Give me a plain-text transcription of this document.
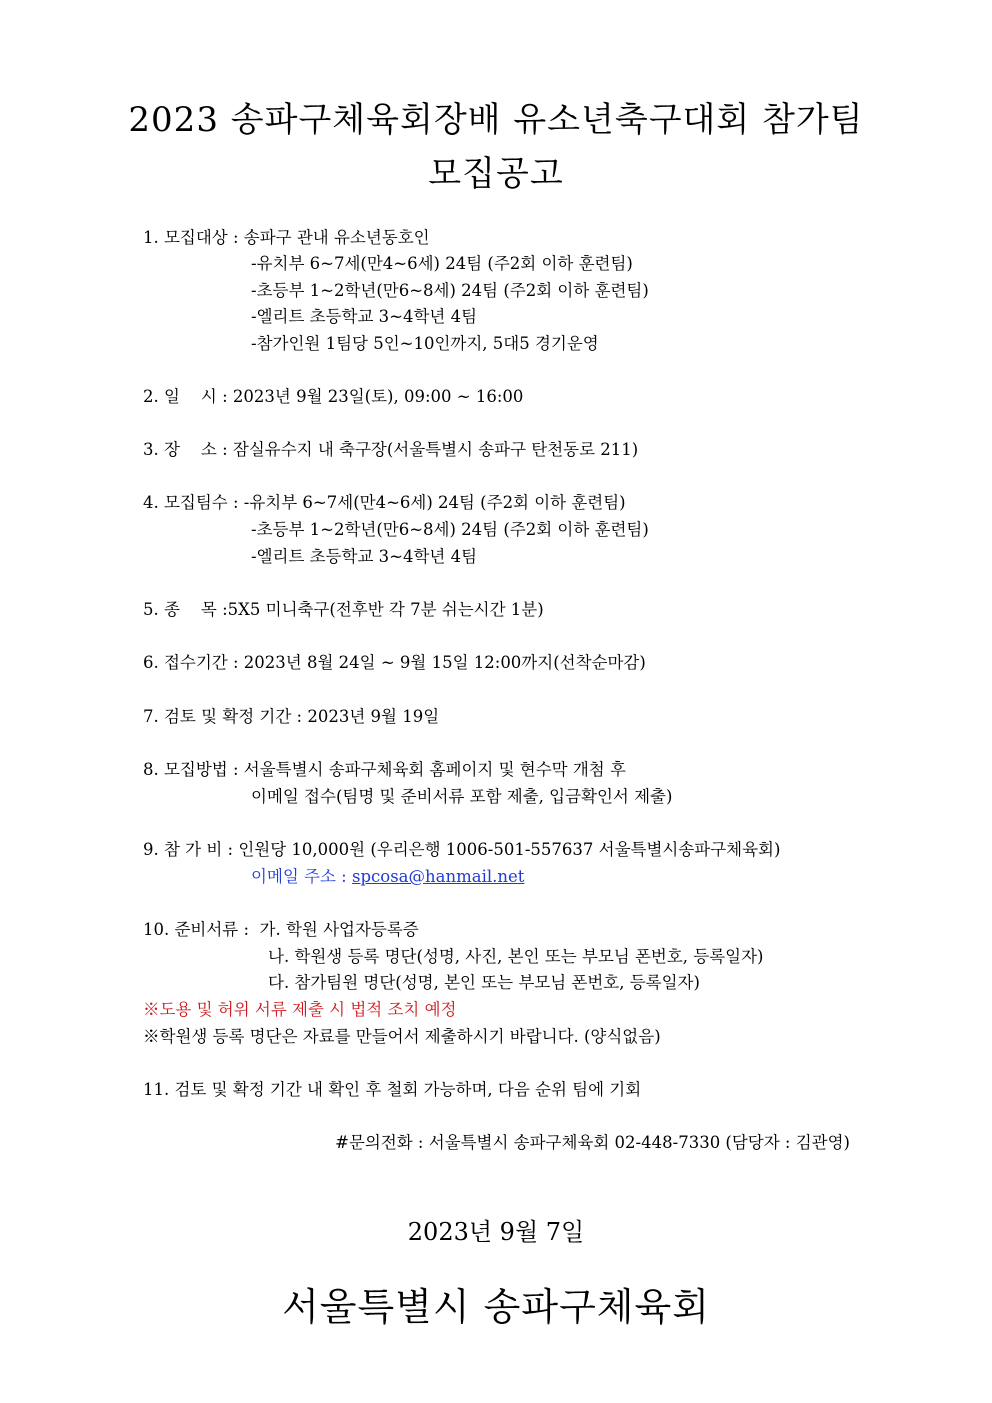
2023 송파구체육회장배 유소년축구대회 참가팀
모집공고
1. 모집대상 : 송파구 관내 유소년동호인
-유치부 6~7세(만4~6세) 24팀 (주2회 이하 훈련팀)
-초등부 1~2학년(만6~8세) 24팀 (주2회 이하 훈련팀)
-엘리트 초등학교 3~4학년 4팀
-참가인원 1팀당 5인~10인까지, 5대5 경기운영
2. 일    시 : 2023년 9월 23일(토), 09:00 ~ 16:00
3. 장    소 : 잠실유수지 내 축구장(서울특별시 송파구 탄천동로 211)
4. 모집팀수 : -유치부 6~7세(만4~6세) 24팀 (주2회 이하 훈련팀)
-초등부 1~2학년(만6~8세) 24팀 (주2회 이하 훈련팀)
-엘리트 초등학교 3~4학년 4팀
5. 종    목 :5X5 미니축구(전후반 각 7분 쉬는시간 1분)
6. 접수기간 : 2023년 8월 24일 ~ 9월 15일 12:00까지(선착순마감)
7. 검토 및 확정 기간 : 2023년 9월 19일
8. 모집방법 : 서울특별시 송파구체육회 홈페이지 및 현수막 개첨 후
이메일 접수(팀명 및 준비서류 포함 제출, 입금확인서 제출)
9. 참 가 비 : 인원당 10,000원 (우리은행 1006-501-557637 서울특별시송파구체육회)
이메일 주소 : spcosa@hanmail.net
10. 준비서류 :  가. 학원 사업자등록증
나. 학원생 등록 명단(성명, 사진, 본인 또는 부모님 폰번호, 등록일자)
다. 참가팀원 명단(성명, 본인 또는 부모님 폰번호, 등록일자)
※도용 및 허위 서류 제출 시 법적 조치 예정
※학원생 등록 명단은 자료를 만들어서 제출하시기 바랍니다. (양식없음)
11. 검토 및 확정 기간 내 확인 후 철회 가능하며, 다음 순위 팀에 기회
#문의전화 : 서울특별시 송파구체육회 02-448-7330 (담당자 : 김관영)
2023년 9월 7일
서울특별시 송파구체육회
